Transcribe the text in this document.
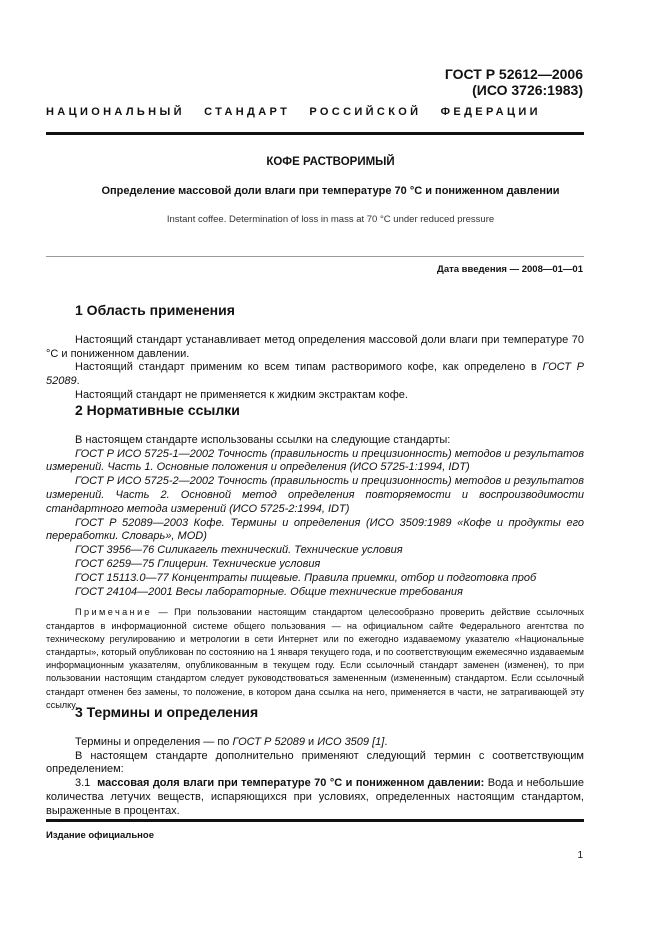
ГОСТ Р 52612—2006
(ИСО 3726:1983)
НАЦИОНАЛЬНЫЙ   СТАНДАРТ   РОССИЙСКОЙ   ФЕДЕРАЦИИ
КОФЕ РАСТВОРИМЫЙ
Определение массовой доли влаги при температуре 70 °С и пониженном давлении
Instant coffee. Determination of loss in mass at 70 °C under reduced pressure
Дата введения — 2008—01—01
1 Область применения

Настоящий стандарт устанавливает метод определения массовой доли влаги при температуре 70 °С и пониженном давлении.

Настоящий стандарт применим ко всем типам растворимого кофе, как определено в ГОСТ Р 52089.

Настоящий стандарт не применяется к жидким экстрактам кофе.

2 Нормативные ссылки

В настоящем стандарте использованы ссылки на следующие стандарты:

ГОСТ Р ИСО 5725-1—2002 Точность (правильность и прецизионность) методов и результатов измерений. Часть 1. Основные положения и определения (ИСО 5725-1:1994, IDT)

ГОСТ Р ИСО 5725-2—2002 Точность (правильность и прецизионность) методов и результатов измерений. Часть 2. Основной метод определения повторяемости и воспроизводимости стандартного метода измерений (ИСО 5725-2:1994, IDT)

ГОСТ Р 52089—2003 Кофе. Термины и определения (ИСО 3509:1989 «Кофе и продукты его переработки. Словарь», MOD)

ГОСТ 3956—76 Силикагель технический. Технические условия

ГОСТ 6259—75 Глицерин. Технические условия

ГОСТ 15113.0—77 Концентраты пищевые. Правила приемки, отбор и подготовка проб

ГОСТ 24104—2001 Весы лабораторные. Общие технические требования

Примечание — При пользовании настоящим стандартом целесообразно проверить действие ссылочных стандартов в информационной системе общего пользования — на официальном сайте Федерального агентства по техническому регулированию и метрологии в сети Интернет или по ежегодно издаваемому указателю «Национальные стандарты», который опубликован по состоянию на 1 января текущего года, и по соответствующим ежемесячно издаваемым информационным указателям, опубликованным в текущем году. Если ссылочный стандарт заменен (изменен), то при пользовании настоящим стандартом следует руководствоваться замененным (измененным) стандартом. Если ссылочный стандарт отменен без замены, то положение, в котором дана ссылка на него, применяется в части, не затрагивающей эту ссылку.

3 Термины и определения

Термины и определения — по ГОСТ Р 52089 и ИСО 3509 [1].

В настоящем стандарте дополнительно применяют следующий термин с соответствующим определением:

3.1  массовая доля влаги при температуре 70 °С и пониженном давлении: Вода и небольшие количества летучих веществ, испаряющихся при условиях, определенных настоящим стандартом, выраженные в процентах.

Издание официальное
1
